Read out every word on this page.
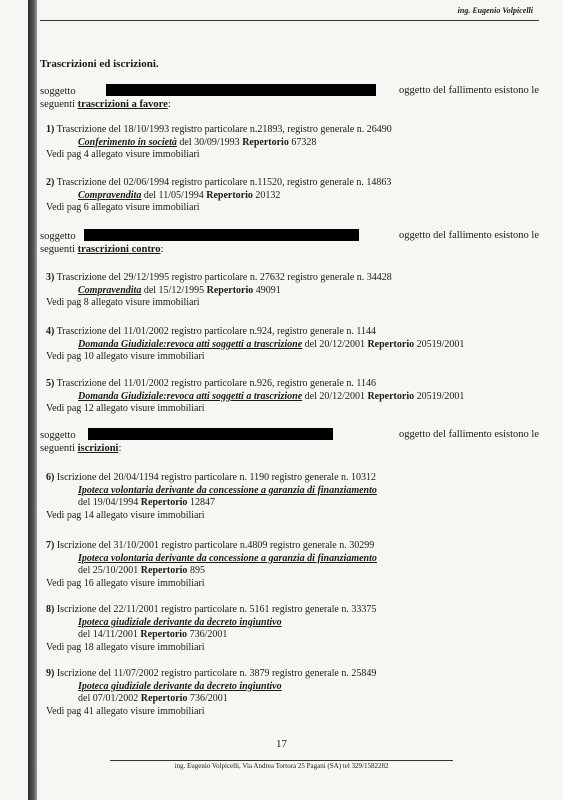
ing. Eugenio Volpicelli
Trascrizioni ed iscrizioni.
soggetto	oggetto del fallimento esistono le
seguenti trascrizioni a favore:
1) Trascrizione del 18/10/1993 registro particolare n.21893, registro generale n. 26490
Conferimento in società del 30/09/1993 Repertorio 67328
Vedi pag 4 allegato visure immobiliari
2) Trascrizione del 02/06/1994 registro particolare n.11520, registro generale n. 14863
Compravendita del 11/05/1994 Repertorio 20132
Vedi pag 6 allegato visure immobiliari
soggetto	oggetto del fallimento esistono le
seguenti trascrizioni contro:
3) Trascrizione del 29/12/1995 registro particolare n. 27632 registro generale n. 34428
Compravendita del 15/12/1995 Repertorio 49091
Vedi pag 8 allegato visure immobiliari
4) Trascrizione del 11/01/2002 registro particolare n.924, registro generale n. 1144
Domanda Giudiziale:revoca atti soggetti a trascrizione del 20/12/2001 Repertorio 20519/2001
Vedi pag 10 allegato visure immobiliari
5) Trascrizione del 11/01/2002 registro particolare n.926, registro generale n. 1146
Domanda Giudiziale:revoca atti soggetti a trascrizione del 20/12/2001 Repertorio 20519/2001
Vedi pag 12 allegato visure immobiliari
soggetto	oggetto del fallimento esistono le
seguenti iscrizioni:
6) Iscrizione del 20/04/1194 registro particolare n. 1190 registro generale n. 10312
Ipoteca volontaria derivante da concessione a garanzia di finanziamento
del 19/04/1994 Repertorio 12847
Vedi pag 14 allegato visure immobiliari
7) Iscrizione del 31/10/2001 registro particolare n.4809 registro generale n. 30299
Ipoteca volontaria derivante da concessione a garanzia di finanziamento
del 25/10/2001 Repertorio 895
Vedi pag 16 allegato visure immobiliari
8) Iscrizione del 22/11/2001 registro particolare n. 5161 registro generale n. 33375
Ipoteca giudiziale derivante da decreto ingiuntivo
del 14/11/2001 Repertorio 736/2001
Vedi pag 18 allegato visure immobiliari
9) Iscrizione del 11/07/2002 registro particolare n. 3879 registro generale n. 25849
Ipoteca giudiziale derivante da decreto ingiuntivo
del 07/01/2002 Repertorio 736/2001
Vedi pag 41 allegato visure immobiliari
17
ing. Eugenio Volpicelli, Via Andrea Tortora 25 Pagani (SA) tel 329/1582282
